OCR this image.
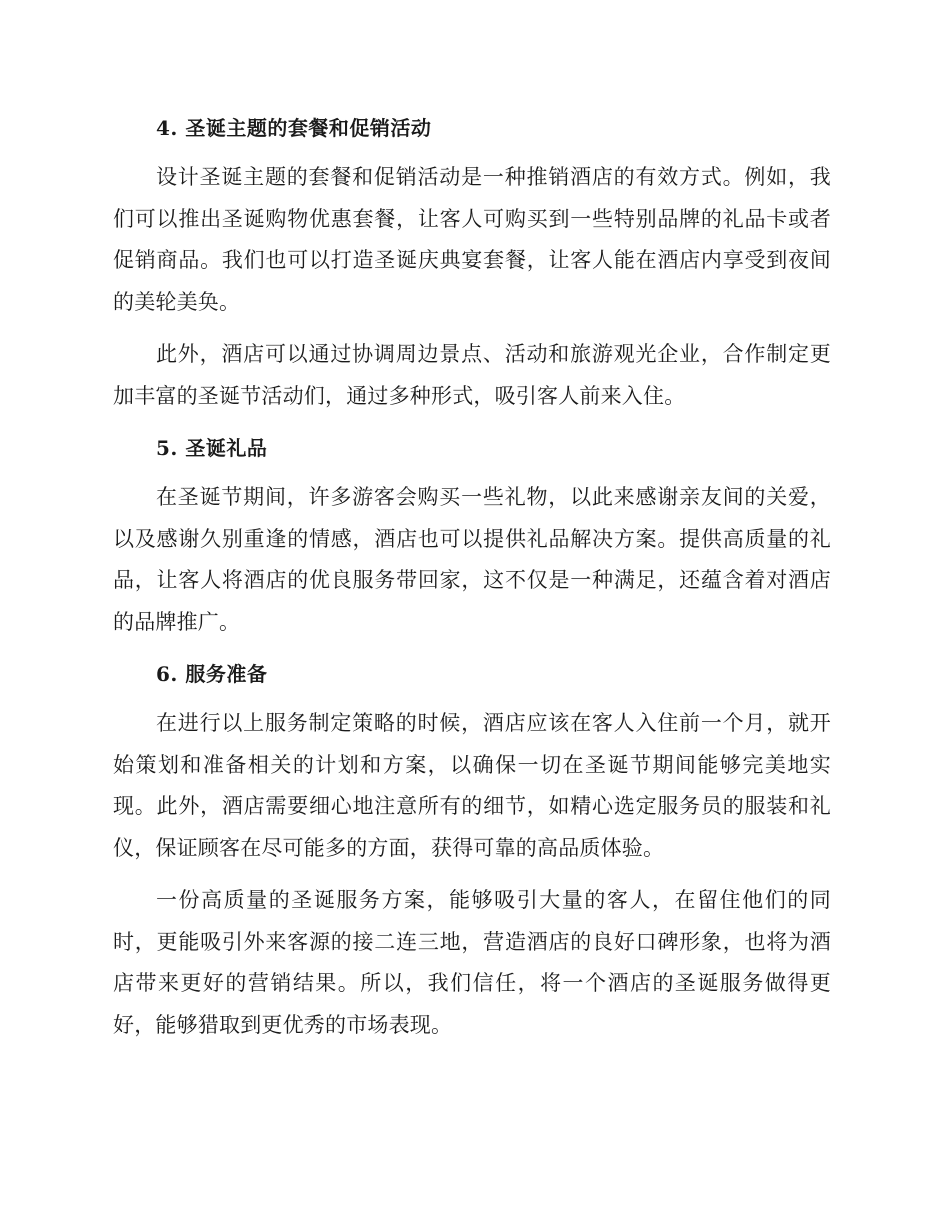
4. 圣诞主题的套餐和促销活动

设计圣诞主题的套餐和促销活动是一种推销酒店的有效方式。例如，我们可以推出圣诞购物优惠套餐，让客人可购买到一些特别品牌的礼品卡或者促销商品。我们也可以打造圣诞庆典宴套餐，让客人能在酒店内享受到夜间的美轮美奂。

此外，酒店可以通过协调周边景点、活动和旅游观光企业，合作制定更加丰富的圣诞节活动们，通过多种形式，吸引客人前来入住。

5. 圣诞礼品

在圣诞节期间，许多游客会购买一些礼物，以此来感谢亲友间的关爱，以及感谢久别重逢的情感，酒店也可以提供礼品解决方案。提供高质量的礼品，让客人将酒店的优良服务带回家，这不仅是一种满足，还蕴含着对酒店的品牌推广。

6. 服务准备

在进行以上服务制定策略的时候，酒店应该在客人入住前一个月，就开始策划和准备相关的计划和方案，以确保一切在圣诞节期间能够完美地实现。此外，酒店需要细心地注意所有的细节，如精心选定服务员的服装和礼仪，保证顾客在尽可能多的方面，获得可靠的高品质体验。

一份高质量的圣诞服务方案，能够吸引大量的客人，在留住他们的同时，更能吸引外来客源的接二连三地，营造酒店的良好口碑形象，也将为酒店带来更好的营销结果。所以，我们信任，将一个酒店的圣诞服务做得更好，能够猎取到更优秀的市场表现。
